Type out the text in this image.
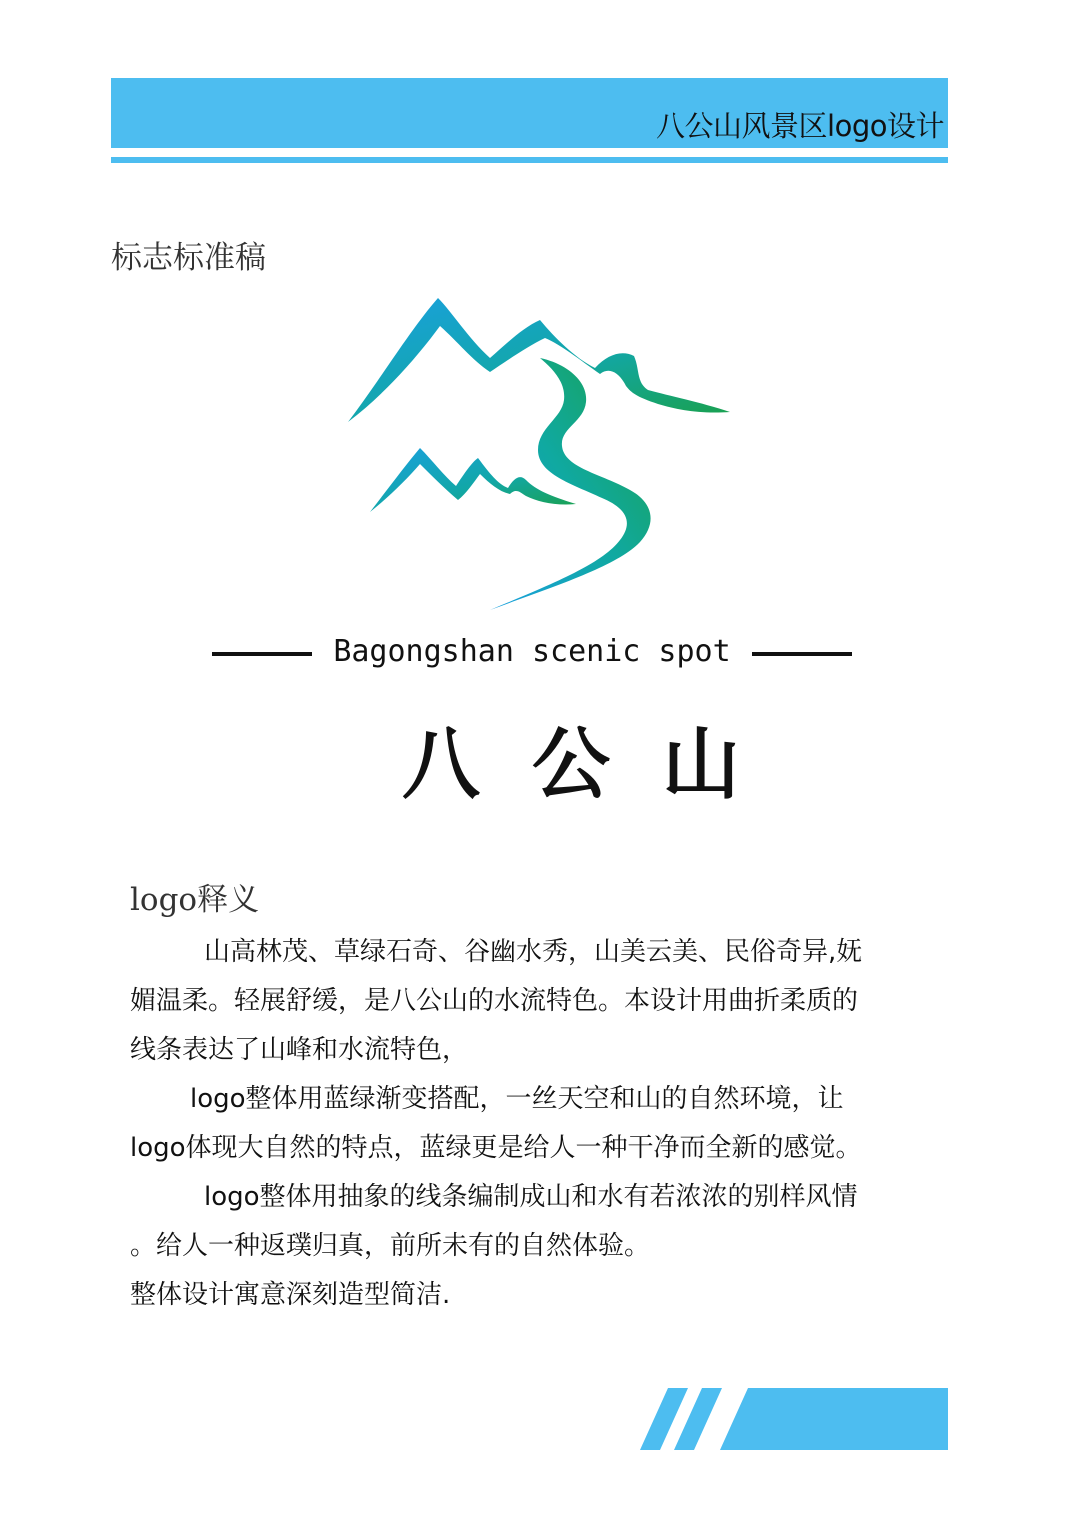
八公山风景区logo设计
标志标准稿
Bagongshan scenic spot
八公山
logo释义
山高林茂、草绿石奇、谷幽水秀，山美云美、民俗奇异,妩
媚温柔。轻展舒缓，是八公山的水流特色。本设计用曲折柔质的
线条表达了山峰和水流特色，
logo整体用蓝绿渐变搭配，一丝天空和山的自然环境，让
logo体现大自然的特点，蓝绿更是给人一种干净而全新的感觉。
logo整体用抽象的线条编制成山和水有若浓浓的别样风情
。给人一种返璞归真，前所未有的自然体验。
整体设计寓意深刻造型简洁.
